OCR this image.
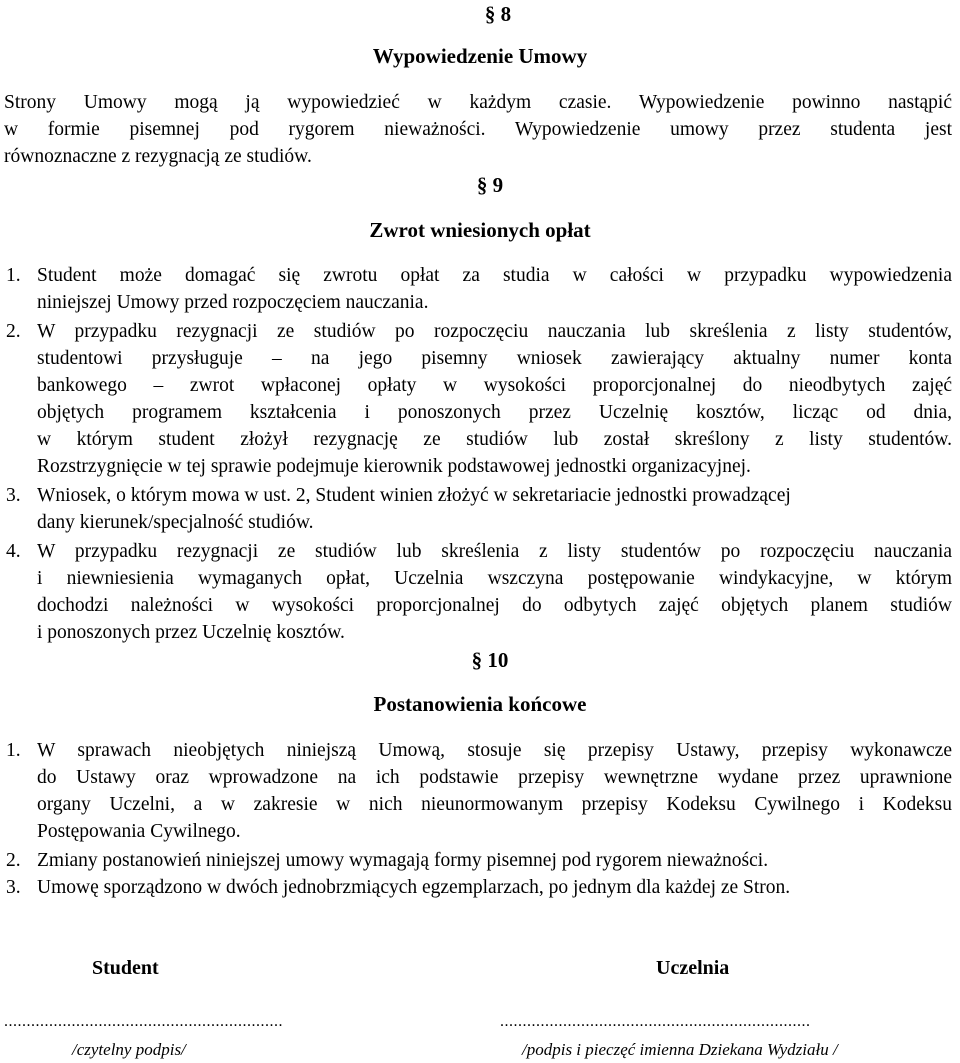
§ 8
Wypowiedzenie Umowy
Strony Umowy mogą ją wypowiedzieć w każdym czasie. Wypowiedzenie powinno nastąpić
w formie pisemnej pod rygorem nieważności. Wypowiedzenie umowy przez studenta jest
równoznaczne z rezygnacją ze studiów.
§ 9
Zwrot wniesionych opłat
1. Student może domagać się zwrotu opłat za studia w całości w przypadku wypowiedzenia
niniejszej Umowy przed rozpoczęciem nauczania.
2. W przypadku rezygnacji ze studiów po rozpoczęciu nauczania lub skreślenia z listy studentów,
studentowi przysługuje – na jego pisemny wniosek zawierający aktualny numer konta
bankowego – zwrot wpłaconej opłaty w wysokości proporcjonalnej do nieodbytych zajęć
objętych programem kształcenia i ponoszonych przez Uczelnię kosztów, licząc od dnia,
w którym student złożył rezygnację ze studiów lub został skreślony z listy studentów.
Rozstrzygnięcie w tej sprawie podejmuje kierownik podstawowej jednostki organizacyjnej.
3. Wniosek, o którym mowa w ust. 2, Student winien złożyć w sekretariacie jednostki prowadzącej
dany kierunek/specjalność studiów.
4. W przypadku rezygnacji ze studiów lub skreślenia z listy studentów po rozpoczęciu nauczania
i niewniesienia wymaganych opłat, Uczelnia wszczyna postępowanie windykacyjne, w którym
dochodzi należności w wysokości proporcjonalnej do odbytych zajęć objętych planem studiów
i ponoszonych przez Uczelnię kosztów.
§ 10
Postanowienia końcowe
1. W sprawach nieobjętych niniejszą Umową, stosuje się przepisy Ustawy, przepisy wykonawcze
do Ustawy oraz wprowadzone na ich podstawie przepisy wewnętrzne wydane przez uprawnione
organy Uczelni, a w zakresie w nich nieunormowanym przepisy Kodeksu Cywilnego i Kodeksu
Postępowania Cywilnego.
2. Zmiany postanowień niniejszej umowy wymagają formy pisemnej pod rygorem nieważności.
3. Umowę sporządzono w dwóch jednobrzmiących egzemplarzach, po jednym dla każdej ze Stron.
Student	Uczelnia
..............................................................	.....................................................................
/czytelny podpis/	/podpis i pieczęć imienna Dziekana Wydziału /
